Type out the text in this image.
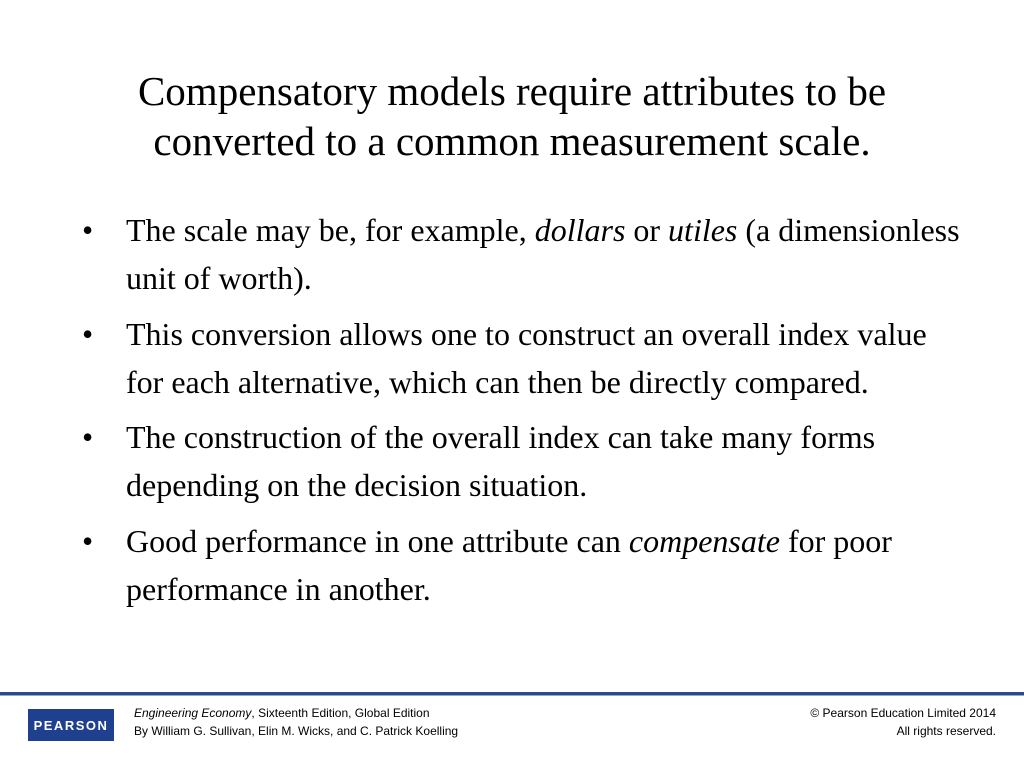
Compensatory models require attributes to be
converted to a common measurement scale.
•	The scale may be, for example, dollars or utiles (a dimensionless unit of worth).
•	This conversion allows one to construct an overall index value for each alternative, which can then be directly compared.
•	The construction of the overall index can take many forms depending on the decision situation.
•	Good performance in one attribute can compensate for poor performance in another.
PEARSON
Engineering Economy, Sixteenth Edition, Global Edition
By William G. Sullivan, Elin M. Wicks, and C. Patrick Koelling
© Pearson Education Limited 2014
All rights reserved.
